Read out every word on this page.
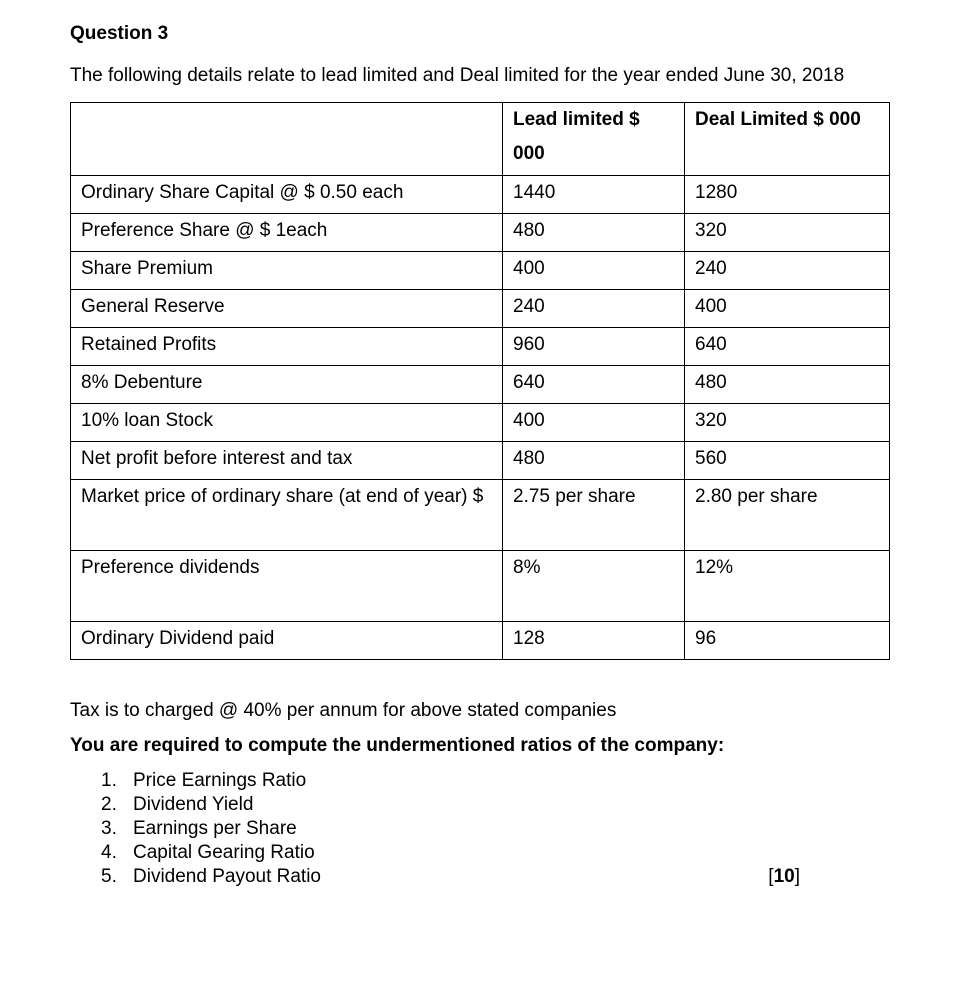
Question 3

The following details relate to lead limited and Deal limited for the year ended June 30, 2018

	Lead limited $ 000	Deal Limited $ 000
Ordinary Share Capital @ $ 0.50 each	1440	1280
Preference Share @ $ 1each	480	320
Share Premium	400	240
General Reserve	240	400
Retained Profits	960	640
8% Debenture	640	480
10% loan Stock	400	320
Net profit before interest and tax	480	560
Market price of ordinary share (at end of year) $	2.75 per share	2.80 per share
Preference dividends	8%	12%
Ordinary Dividend paid	128	96

Tax is to charged @ 40% per annum for above stated companies

You are required to compute the undermentioned ratios of the company:

1. Price Earnings Ratio
2. Dividend Yield
3. Earnings per Share
4. Capital Gearing Ratio
5. Dividend Payout Ratio	[10]
